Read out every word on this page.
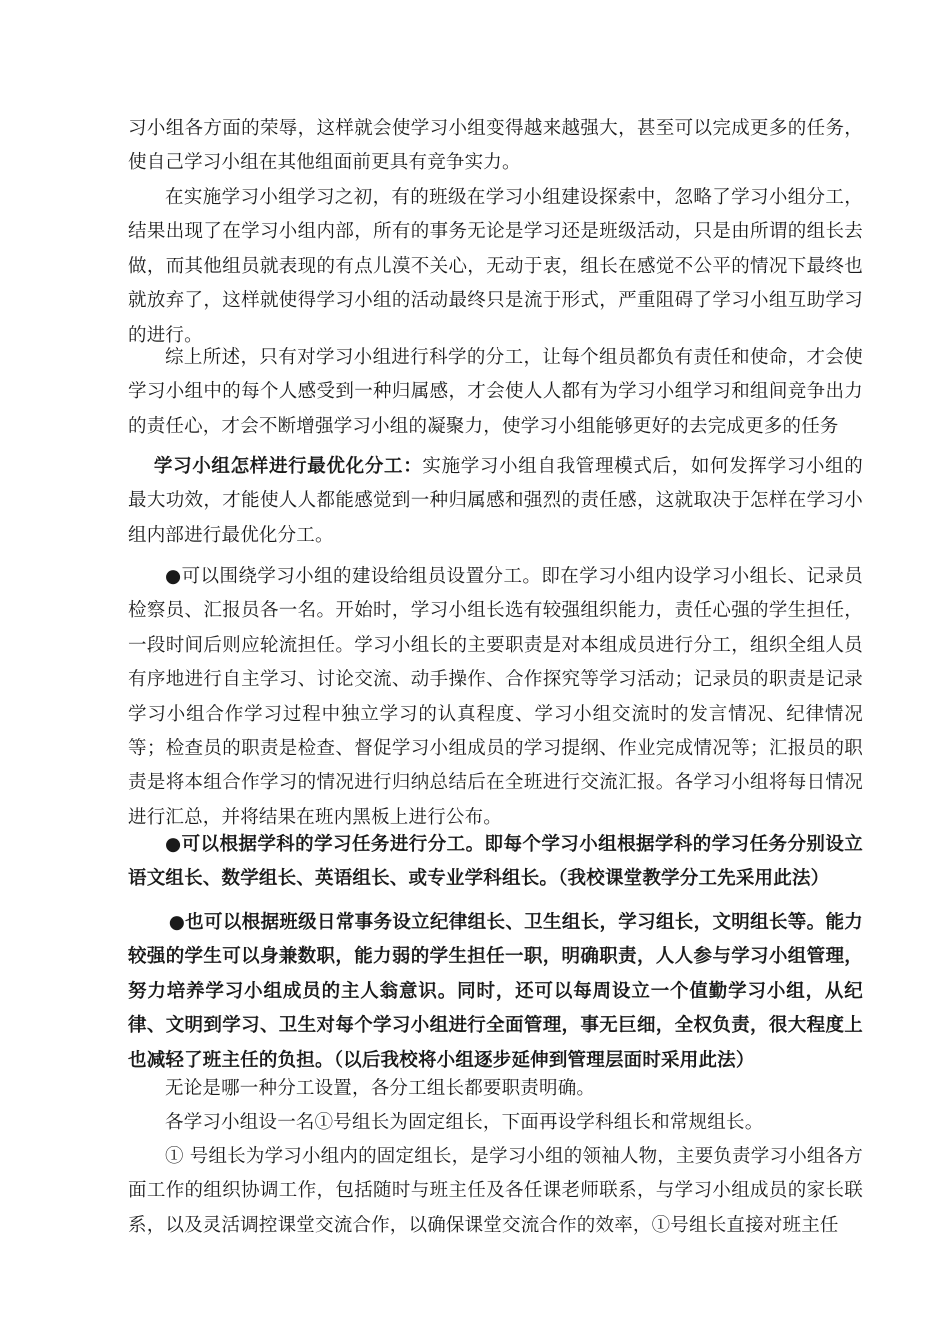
习小组各方面的荣辱，这样就会使学习小组变得越来越强大，甚至可以完成更多的任务，使自己学习小组在其他组面前更具有竞争实力。

在实施学习小组学习之初，有的班级在学习小组建设探索中，忽略了学习小组分工，结果出现了在学习小组内部，所有的事务无论是学习还是班级活动，只是由所谓的组长去做，而其他组员就表现的有点儿漠不关心，无动于衷，组长在感觉不公平的情况下最终也就放弃了，这样就使得学习小组的活动最终只是流于形式，严重阻碍了学习小组互助学习的进行。

综上所述，只有对学习小组进行科学的分工，让每个组员都负有责任和使命，才会使学习小组中的每个人感受到一种归属感，才会使人人都有为学习小组学习和组间竞争出力的责任心，才会不断增强学习小组的凝聚力，使学习小组能够更好的去完成更多的任务

学习小组怎样进行最优化分工：实施学习小组自我管理模式后，如何发挥学习小组的最大功效，才能使人人都能感觉到一种归属感和强烈的责任感，这就取决于怎样在学习小组内部进行最优化分工。

●可以围绕学习小组的建设给组员设置分工。即在学习小组内设学习小组长、记录员检察员、汇报员各一名。开始时，学习小组长选有较强组织能力，责任心强的学生担任，一段时间后则应轮流担任。学习小组长的主要职责是对本组成员进行分工，组织全组人员有序地进行自主学习、讨论交流、动手操作、合作探究等学习活动；记录员的职责是记录学习小组合作学习过程中独立学习的认真程度、学习小组交流时的发言情况、纪律情况等；检查员的职责是检查、督促学习小组成员的学习提纲、作业完成情况等；汇报员的职责是将本组合作学习的情况进行归纳总结后在全班进行交流汇报。各学习小组将每日情况进行汇总，并将结果在班内黑板上进行公布。

●可以根据学科的学习任务进行分工。即每个学习小组根据学科的学习任务分别设立语文组长、数学组长、英语组长、或专业学科组长。（我校课堂教学分工先采用此法）

●也可以根据班级日常事务设立纪律组长、卫生组长，学习组长，文明组长等。能力较强的学生可以身兼数职，能力弱的学生担任一职，明确职责，人人参与学习小组管理，努力培养学习小组成员的主人翁意识。同时，还可以每周设立一个值勤学习小组，从纪律、文明到学习、卫生对每个学习小组进行全面管理，事无巨细，全权负责，很大程度上也减轻了班主任的负担。（以后我校将小组逐步延伸到管理层面时采用此法）

无论是哪一种分工设置，各分工组长都要职责明确。

各学习小组设一名①号组长为固定组长，下面再设学科组长和常规组长。

① 号组长为学习小组内的固定组长，是学习小组的领袖人物，主要负责学习小组各方面工作的组织协调工作，包括随时与班主任及各任课老师联系，与学习小组成员的家长联系，以及灵活调控课堂交流合作，以确保课堂交流合作的效率，①号组长直接对班主任
